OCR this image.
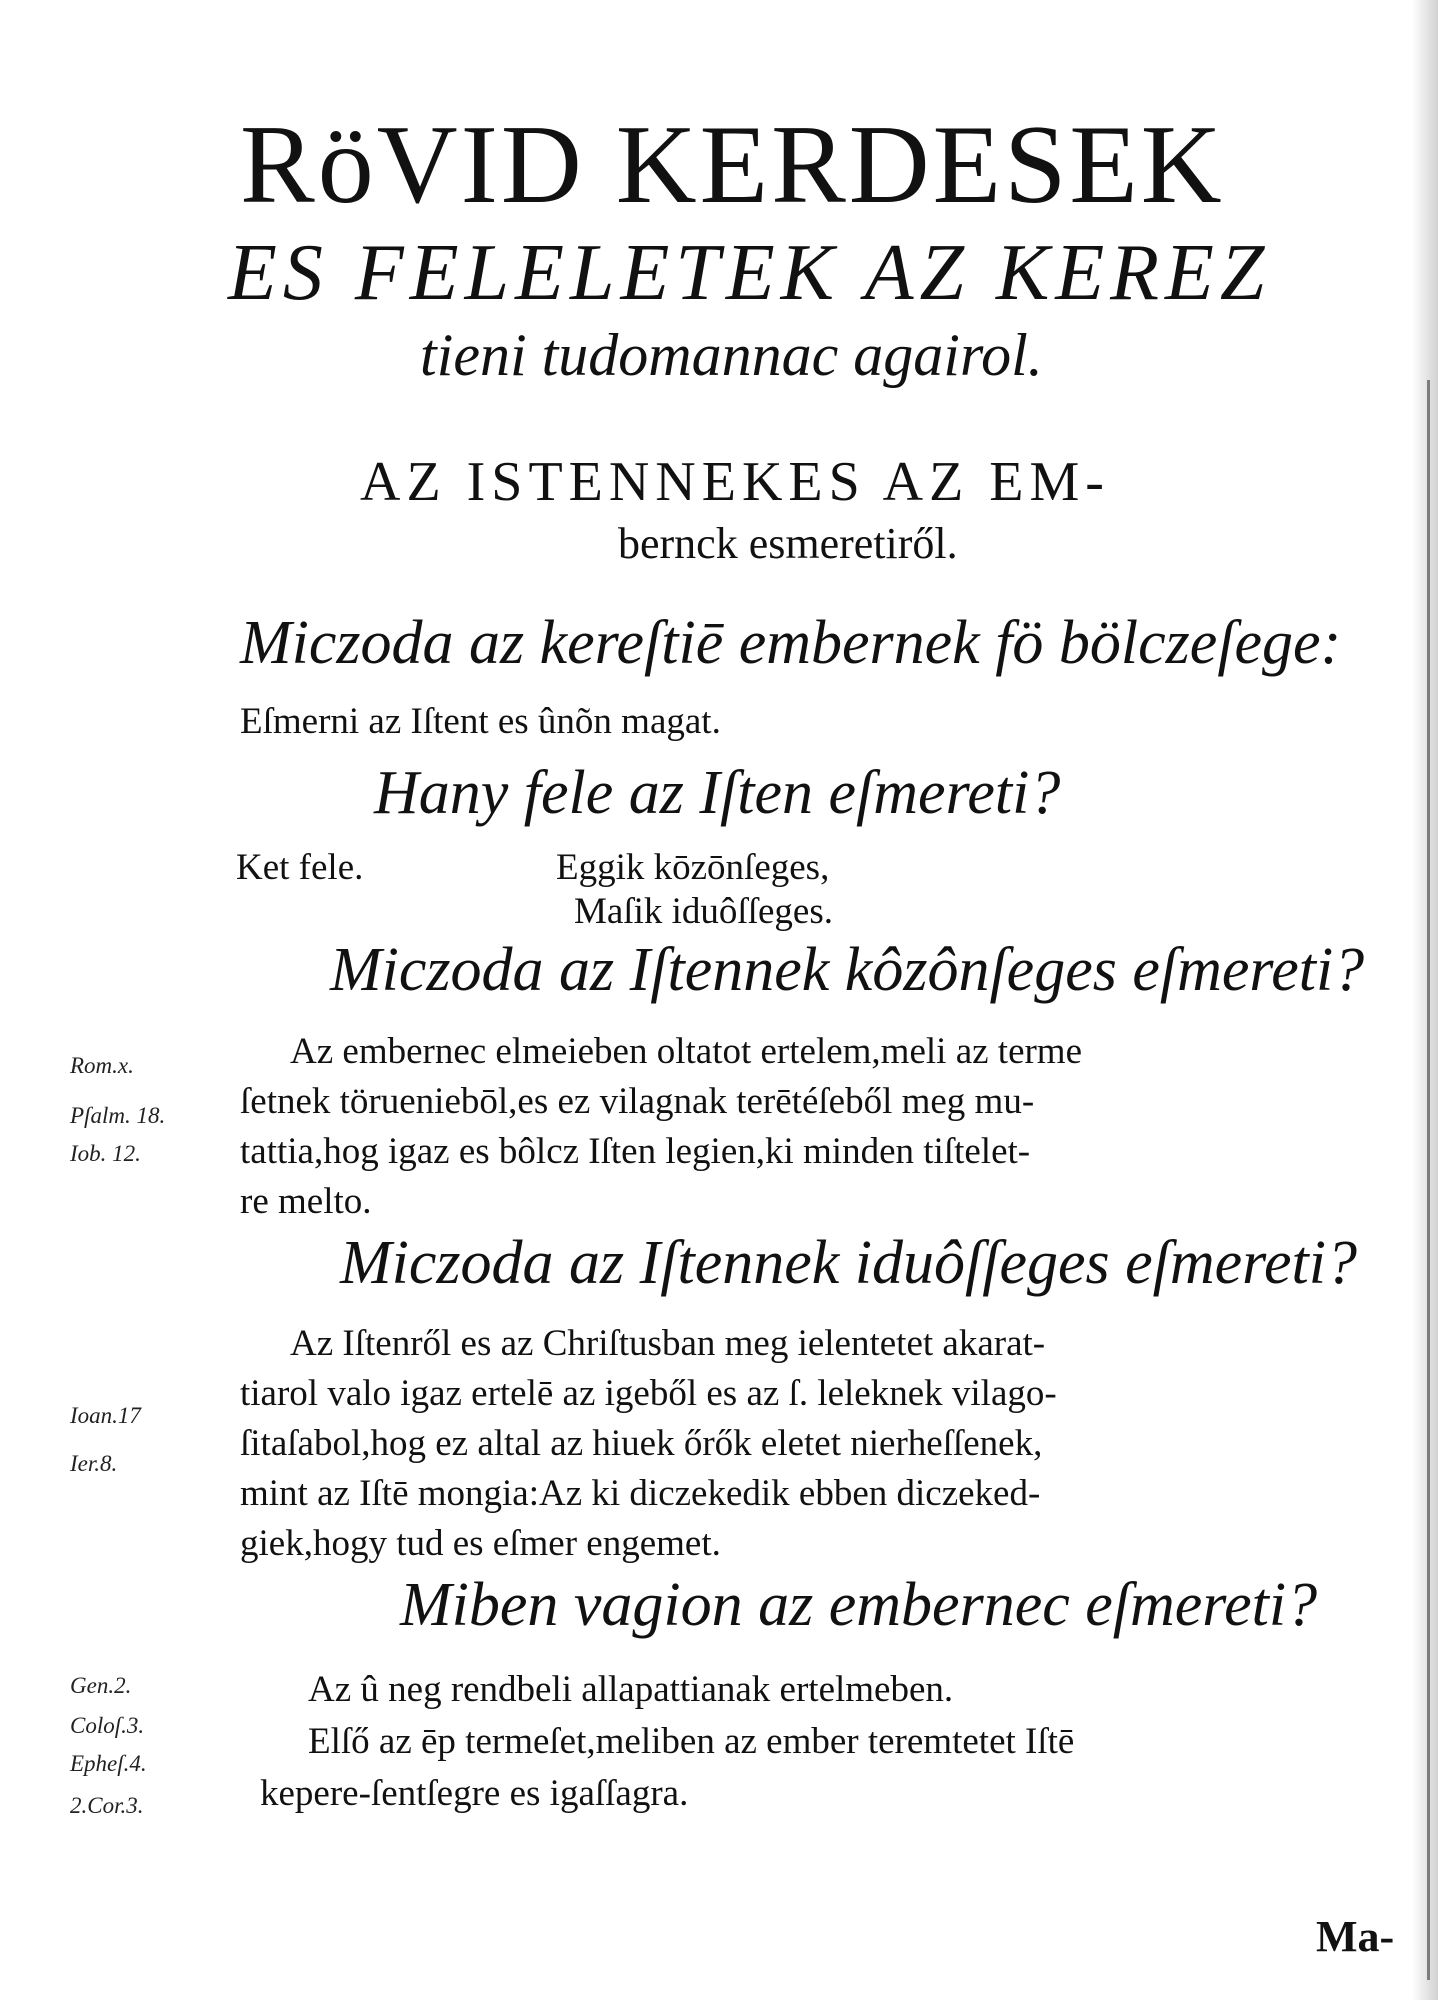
RöVID KERDESEK
ES FELELETEK AZ KEREZ
tieni tudomannac agairol.
AZ ISTENNEKES AZ EM-
bernck esmeretiről.
Miczoda az kereſtiē embernek fö bölczeſege:
Eſmerni az Iſtent es ûnõn magat.
Hany fele az Iſten eſmereti?
Ket fele.	Eggik kōzōnſeges,
Maſik iduôſſeges.
Miczoda az Iſtennek kôzônſeges eſmereti?
Az embernec elmeieben oltatot ertelem,meli az terme
ſetnek törueniebōl,es ez vilagnak terētéſeből meg mu-
tattia,hog igaz es bôlcz Iſten legien,ki minden tiſtelet-
re melto.
Rom.x.
Pſalm. 18.
Iob. 12.
Miczoda az Iſtennek iduôſſeges eſmereti?
Az Iſtenről es az Chriſtusban meg ielentetet akarat-
tiarol valo igaz ertelē az igeből es az ſ. leleknek vilago-
ſitaſabol,hog ez altal az hiuek őrők eletet nierheſſenek,
mint az Iſtē mongia:Az ki diczekedik ebben diczeked-
giek,hogy tud es eſmer engemet.
Ioan.17
Ier.8.
Miben vagion az embernec eſmereti?
Az û neg rendbeli allapattianak ertelmeben.
Elſő az ēp termeſet,meliben az ember teremtetet Iſtē
kepere-ſentſegre es igaſſagra.
Gen.2.
Coloſ.3.
Epheſ.4.
2.Cor.3.
Ma-
